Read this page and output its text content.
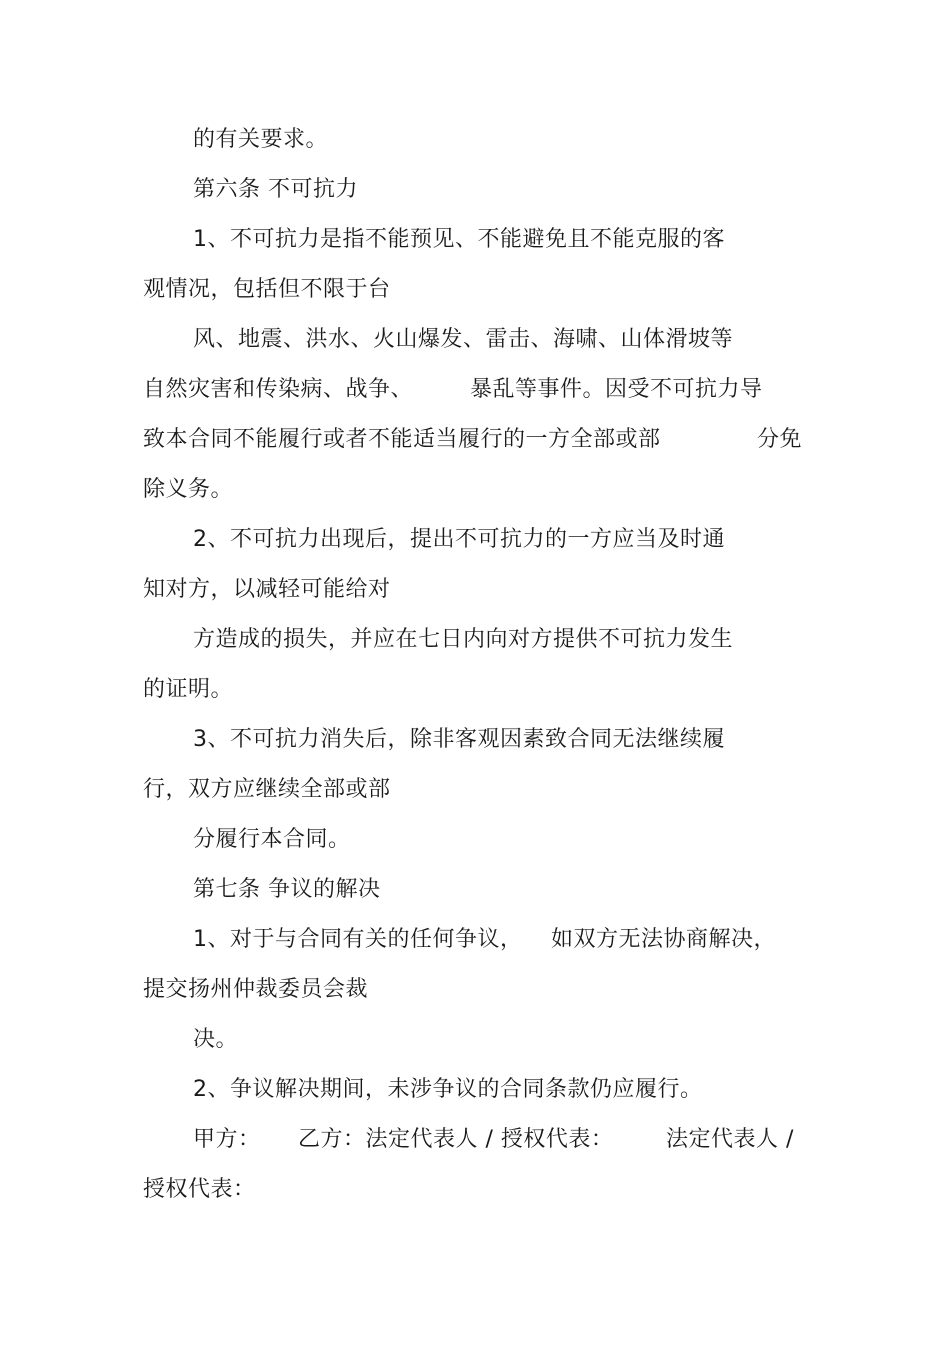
的有关要求。
第六条 不可抗力
1、不可抗力是指不能预见、不能避免且不能克服的客
观情况，包括但不限于台
风、地震、洪水、火山爆发、雷击、海啸、山体滑坡等
自然灾害和传染病、战争、	暴乱等事件。因受不可抗力导
致本合同不能履行或者不能适当履行的一方全部或部	分免
除义务。
2、不可抗力出现后，提出不可抗力的一方应当及时通
知对方，以减轻可能给对
方造成的损失，并应在七日内向对方提供不可抗力发生
的证明。
3、不可抗力消失后，除非客观因素致合同无法继续履
行，双方应继续全部或部
分履行本合同。
第七条 争议的解决
1、对于与合同有关的任何争议， 如双方无法协商解决，
提交扬州仲裁委员会裁
决。
2、争议解决期间，未涉争议的合同条款仍应履行。
甲方： 乙方：法定代表人 / 授权代表： 法定代表人 /
授权代表：
